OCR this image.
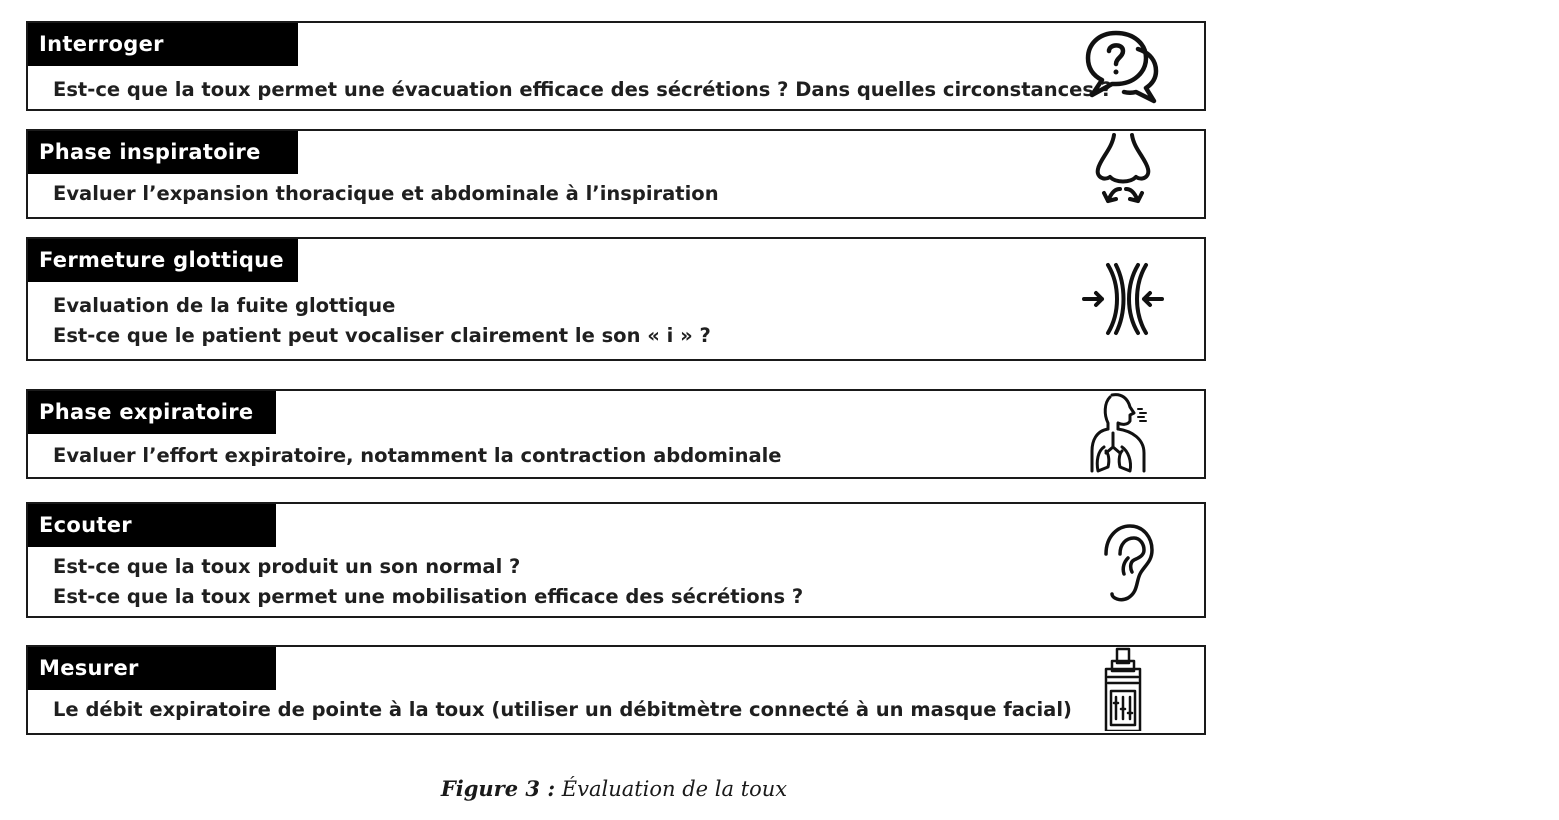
Interroger
Est-ce que la toux permet une évacuation efficace des sécrétions ? Dans quelles circonstances ?
Phase inspiratoire
Evaluer l’expansion thoracique et abdominale à l’inspiration
Fermeture glottique
Evaluation de la fuite glottique
Est-ce que le patient peut vocaliser clairement le son « i » ?
Phase expiratoire
Evaluer l’effort expiratoire, notamment la contraction abdominale
Ecouter
Est-ce que la toux produit un son normal ?
Est-ce que la toux permet une mobilisation efficace des sécrétions ?
Mesurer
Le débit expiratoire de pointe à la toux (utiliser un débitmètre connecté à un masque facial)
Figure 3 : Évaluation de la toux
